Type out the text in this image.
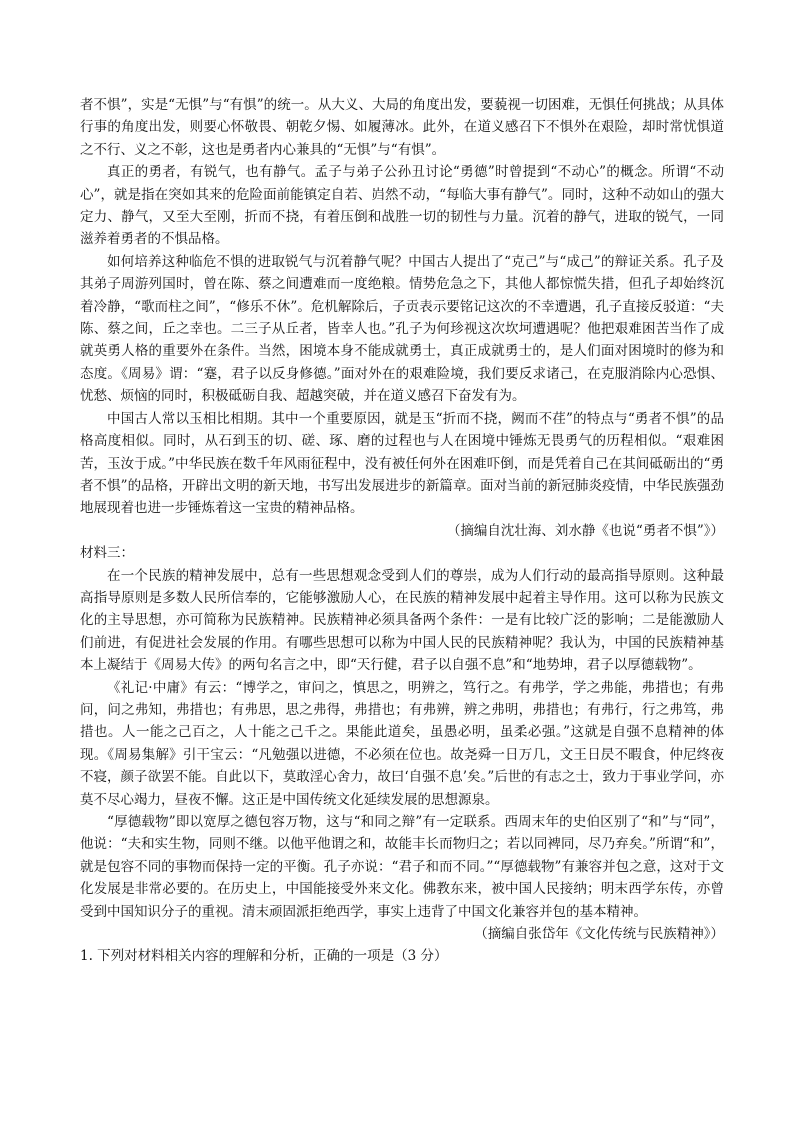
者不惧”，实是“无惧”与“有惧”的统一。从大义、大局的角度出发，要藐视一切困难，无惧任何挑战；从具体行事的角度出发，则要心怀敬畏、朝乾夕惕、如履薄冰。此外，在道义感召下不惧外在艰险，却时常忧惧道之不行、义之不彰，这也是勇者内心兼具的“无惧”与“有惧”。

真正的勇者，有锐气，也有静气。孟子与弟子公孙丑讨论“勇德”时曾提到“不动心”的概念。所谓“不动心”，就是指在突如其来的危险面前能镇定自若、岿然不动，“每临大事有静气”。同时，这种不动如山的强大定力、静气，又至大至刚，折而不挠，有着压倒和战胜一切的韧性与力量。沉着的静气，进取的锐气，一同滋养着勇者的不惧品格。

如何培养这种临危不惧的进取锐气与沉着静气呢？中国古人提出了“克己”与“成己”的辩证关系。孔子及其弟子周游列国时，曾在陈、蔡之间遭难而一度绝粮。情势危急之下，其他人都惊慌失措，但孔子却始终沉着冷静，“歌而柱之间”，“修乐不休”。危机解除后，子贡表示要铭记这次的不幸遭遇，孔子直接反驳道：“夫陈、蔡之间，丘之幸也。二三子从丘者，皆幸人也。”孔子为何珍视这次坎坷遭遇呢？他把艰难困苦当作了成就英勇人格的重要外在条件。当然，困境本身不能成就勇士，真正成就勇士的，是人们面对困境时的修为和态度。《周易》谓：“蹇，君子以反身修德。”面对外在的艰难险境，我们要反求诸己，在克服消除内心恐惧、忧愁、烦恼的同时，积极砥砺自我、超越突破，并在道义感召下奋发有为。

中国古人常以玉相比相期。其中一个重要原因，就是玉“折而不挠，阙而不荏”的特点与“勇者不惧”的品格高度相似。同时，从石到玉的切、磋、琢、磨的过程也与人在困境中锤炼无畏勇气的历程相似。“艰难困苦，玉汝于成。”中华民族在数千年风雨征程中，没有被任何外在困难吓倒，而是凭着自己在其间砥砺出的“勇者不惧”的品格，开辟出文明的新天地，书写出发展进步的新篇章。面对当前的新冠肺炎疫情，中华民族强劲地展现着也进一步锤炼着这一宝贵的精神品格。

（摘编自沈壮海、刘水静《也说“勇者不惧”》）

材料三：

在一个民族的精神发展中，总有一些思想观念受到人们的尊崇，成为人们行动的最高指导原则。这种最高指导原则是多数人民所信奉的，它能够激励人心，在民族的精神发展中起着主导作用。这可以称为民族文化的主导思想，亦可简称为民族精神。民族精神必须具备两个条件：一是有比较广泛的影响；二是能激励人们前进，有促进社会发展的作用。有哪些思想可以称为中国人民的民族精神呢？我认为，中国的民族精神基本上凝结于《周易大传》的两句名言之中，即“天行健，君子以自强不息”和“地势坤，君子以厚德载物”。

《礼记·中庸》有云：“博学之，审问之，慎思之，明辨之，笃行之。有弗学，学之弗能，弗措也；有弗问，问之弗知，弗措也；有弗思，思之弗得，弗措也；有弗辨，辨之弗明，弗措也；有弗行，行之弗笃，弗措也。人一能之己百之，人十能之己千之。果能此道矣，虽愚必明，虽柔必强。”这就是自强不息精神的体现。《周易集解》引干宝云：“凡勉强以进德，不必须在位也。故尧舜一日万几，文王日昃不暇食，仲尼终夜不寝，颜子欲罢不能。自此以下，莫敢淫心舍力，故曰‘自强不息’矣。”后世的有志之士，致力于事业学问，亦莫不尽心竭力，昼夜不懈。这正是中国传统文化延续发展的思想源泉。

“厚德载物”即以宽厚之德包容万物，这与“和同之辩”有一定联系。西周末年的史伯区别了“和”与“同”，他说：“夫和实生物，同则不继。以他平他谓之和，故能丰长而物归之；若以同裨同，尽乃弃矣。”所谓“和”，就是包容不同的事物而保持一定的平衡。孔子亦说：“君子和而不同。”“厚德载物”有兼容并包之意，这对于文化发展是非常必要的。在历史上，中国能接受外来文化。佛教东来，被中国人民接纳；明末西学东传，亦曾受到中国知识分子的重视。清末顽固派拒绝西学，事实上违背了中国文化兼容并包的基本精神。

（摘编自张岱年《文化传统与民族精神》）

1. 下列对材料相关内容的理解和分析，正确的一项是（3 分）
